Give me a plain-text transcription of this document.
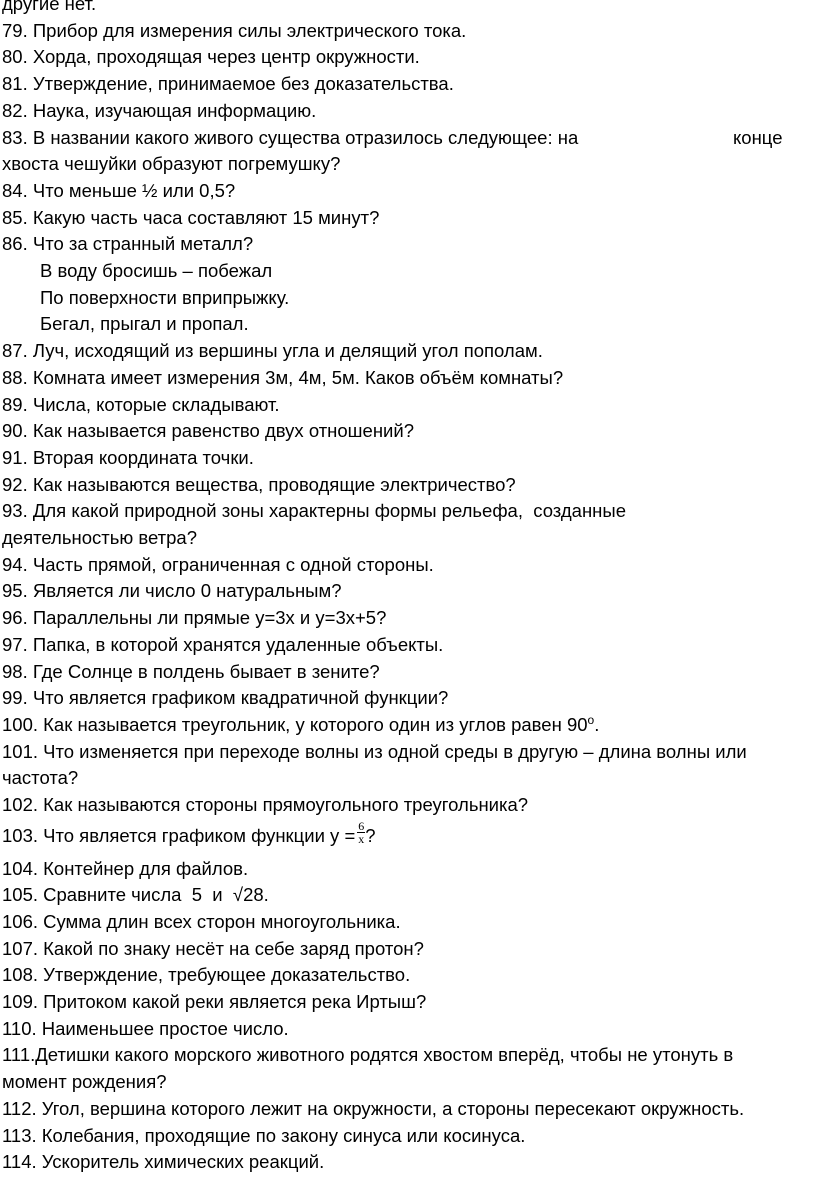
другие нет.

79. Прибор для измерения силы электрического тока.

80. Хорда, проходящая через центр окружности.

81. Утверждение, принимаемое без доказательства.

82. Наука, изучающая информацию.

83. В названии какого живого существа отразилось следующее: на	конце

хвоста чешуйки образуют погремушку?

84. Что меньше ½ или 0,5?

85. Какую часть часа составляют 15 минут?

86. Что за странный металл?

В воду бросишь – побежал

По поверхности вприпрыжку.

Бегал, прыгал и пропал.

87. Луч, исходящий из вершины угла и делящий угол пополам.

88. Комната имеет измерения 3м, 4м, 5м. Каков объём комнаты?

89. Числа, которые складывают.

90. Как называется равенство двух отношений?

91. Вторая координата точки.

92. Как называются вещества, проводящие электричество?

93. Для какой природной зоны характерны формы рельефа,  созданные

деятельностью ветра?

94. Часть прямой, ограниченная с одной стороны.

95. Является ли число 0 натуральным?

96. Параллельны ли прямые у=3х и у=3х+5?

97. Папка, в которой хранятся удаленные объекты.

98. Где Солнце в полдень бывает в зените?

99. Что является графиком квадратичной функции?

100. Как называется треугольник, у которого один из углов равен $90^о$.

101. Что изменяется при переходе волны из одной среды в другую – длина волны или

частота?

102. Как называются стороны прямоугольного треугольника?

103. Что является графиком функции $у = \frac{6}{x}$ ?

104. Контейнер для файлов.

105. Сравните числа  5  и  √28.

106. Сумма длин всех сторон многоугольника.

107. Какой по знаку несёт на себе заряд протон?

108. Утверждение, требующее доказательство.

109. Притоком какой реки является река Иртыш?

110. Наименьшее простое число.

111.Детишки какого морского животного родятся хвостом вперёд, чтобы не утонуть в

момент рождения?

112. Угол, вершина которого лежит на окружности, а стороны пересекают окружность.

113. Колебания, проходящие по закону синуса или косинуса.

114. Ускоритель химических реакций.
